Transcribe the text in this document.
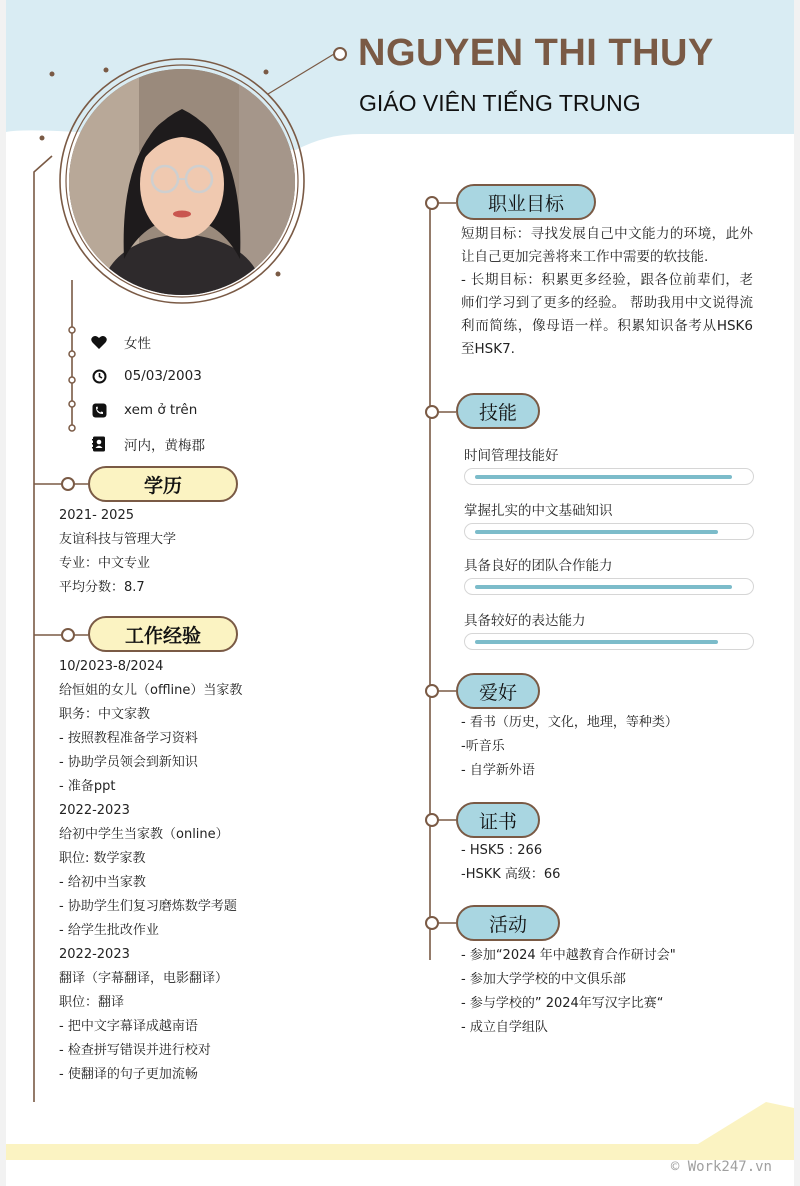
NGUYEN THI THUY
GIÁO VIÊN TIẾNG TRUNG
女性
05/03/2003
xem ở trên
河内，黄梅郡
学历
2021- 2025
友谊科技与管理大学
专业：中文专业
平均分数：8.7
工作经验
10/2023-8/2024
给恒姐的女儿（offline）当家教
职务：中文家教
- 按照教程准备学习资料
- 协助学员领会到新知识
- 准备ppt
2022-2023
给初中学生当家教（online）
职位: 数学家教
- 给初中当家教
- 协助学生们复习磨炼数学考题
- 给学生批改作业
2022-2023
翻译（字幕翻译，电影翻译）
职位：翻译
- 把中文字幕译成越南语
- 检查拼写错误并进行校对
- 使翻译的句子更加流畅
职业目标
短期目标：寻找发展自己中文能力的环境，此外让自己更加完善将来工作中需要的软技能.
- 长期目标：积累更多经验，跟各位前辈们，老师们学习到了更多的经验。 帮助我用中文说得流利而简练，像母语一样。积累知识备考从HSK6至HSK7.
技能
时间管理技能好
掌握扎实的中文基础知识
具备良好的团队合作能力
具备较好的表达能力
爱好
- 看书（历史，文化，地理，等种类）
-听音乐
- 自学新外语
证书
- HSK5 : 266
-HSKK 高级：66
活动
- 参加“2024 年中越教育合作研讨会"
- 参加大学学校的中文俱乐部
- 参与学校的” 2024年写汉字比赛“
- 成立自学组队
© Work247.vn
